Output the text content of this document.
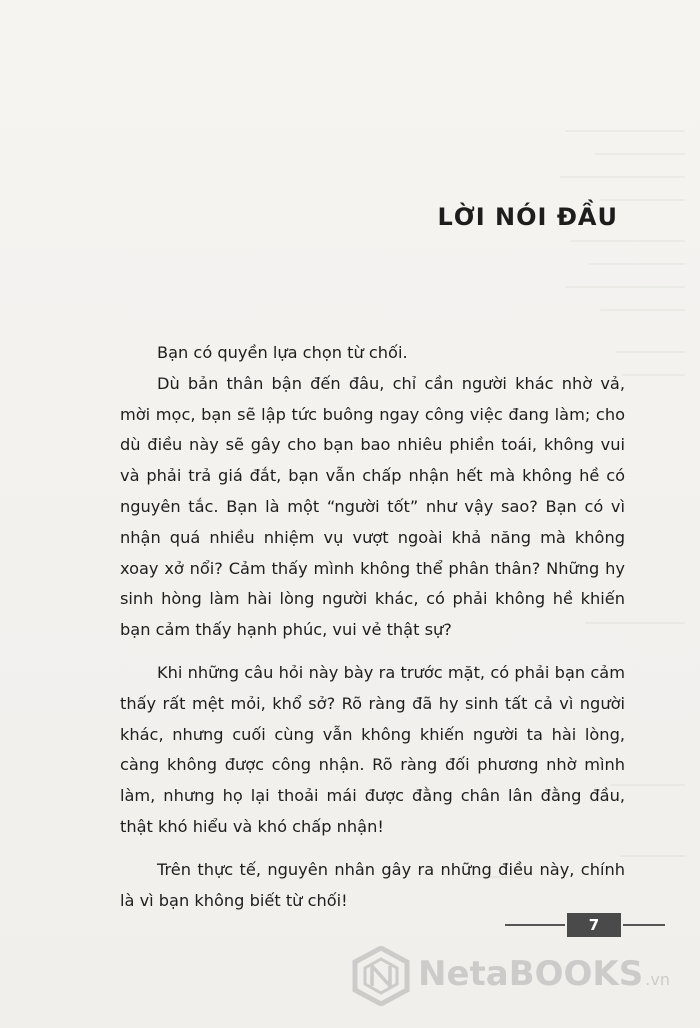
LỜI NÓI ĐẦU

Bạn có quyền lựa chọn từ chối.

Dù bản thân bận đến đâu, chỉ cần người khác nhờ vả, mời mọc, bạn sẽ lập tức buông ngay công việc đang làm; cho dù điều này sẽ gây cho bạn bao nhiêu phiền toái, không vui và phải trả giá đắt, bạn vẫn chấp nhận hết mà không hề có nguyên tắc. Bạn là một “người tốt” như vậy sao? Bạn có vì nhận quá nhiều nhiệm vụ vượt ngoài khả năng mà không xoay xở nổi? Cảm thấy mình không thể phân thân? Những hy sinh hòng làm hài lòng người khác, có phải không hề khiến bạn cảm thấy hạnh phúc, vui vẻ thật sự?

Khi những câu hỏi này bày ra trước mặt, có phải bạn cảm thấy rất mệt mỏi, khổ sở? Rõ ràng đã hy sinh tất cả vì người khác, nhưng cuối cùng vẫn không khiến người ta hài lòng, càng không được công nhận. Rõ ràng đối phương nhờ mình làm, nhưng họ lại thoải mái được đằng chân lân đằng đầu, thật khó hiểu và khó chấp nhận!

Trên thực tế, nguyên nhân gây ra những điều này, chính là vì bạn không biết từ chối!

7
NetaBOOKS .vn
